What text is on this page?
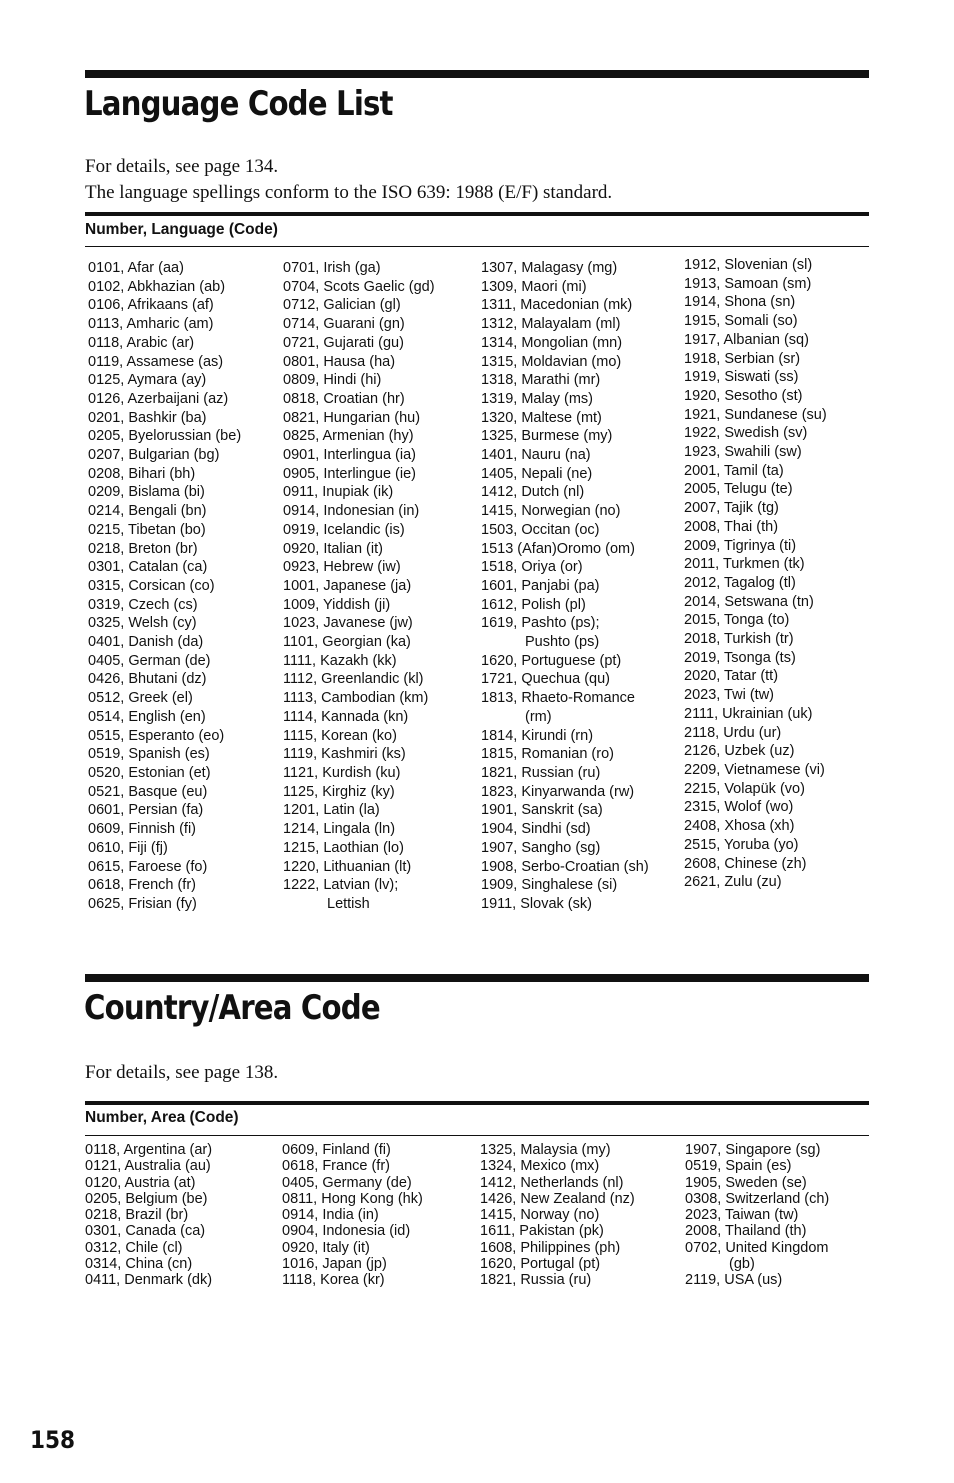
Language Code List
For details, see page 134.
The language spellings conform to the ISO 639: 1988 (E/F) standard.
Number, Language (Code)
0101, Afar (aa)
0102, Abkhazian (ab)
0106, Afrikaans (af)
0113, Amharic (am)
0118, Arabic (ar)
0119, Assamese (as)
0125, Aymara (ay)
0126, Azerbaijani (az)
0201, Bashkir (ba)
0205, Byelorussian (be)
0207, Bulgarian (bg)
0208, Bihari (bh)
0209, Bislama (bi)
0214, Bengali (bn)
0215, Tibetan (bo)
0218, Breton (br)
0301, Catalan (ca)
0315, Corsican (co)
0319, Czech (cs)
0325, Welsh (cy)
0401, Danish (da)
0405, German (de)
0426, Bhutani (dz)
0512, Greek (el)
0514, English (en)
0515, Esperanto (eo)
0519, Spanish (es)
0520, Estonian (et)
0521, Basque (eu)
0601, Persian (fa)
0609, Finnish (fi)
0610, Fiji (fj)
0615, Faroese (fo)
0618, French (fr)
0625, Frisian (fy)
0701, Irish (ga)
0704, Scots Gaelic (gd)
0712, Galician (gl)
0714, Guarani (gn)
0721, Gujarati (gu)
0801, Hausa (ha)
0809, Hindi (hi)
0818, Croatian (hr)
0821, Hungarian (hu)
0825, Armenian (hy)
0901, Interlingua (ia)
0905, Interlingue (ie)
0911, Inupiak (ik)
0914, Indonesian (in)
0919, Icelandic (is)
0920, Italian (it)
0923, Hebrew (iw)
1001, Japanese (ja)
1009, Yiddish (ji)
1023, Javanese (jw)
1101, Georgian (ka)
1111, Kazakh (kk)
1112, Greenlandic (kl)
1113, Cambodian (km)
1114, Kannada (kn)
1115, Korean (ko)
1119, Kashmiri (ks)
1121, Kurdish (ku)
1125, Kirghiz (ky)
1201, Latin (la)
1214, Lingala (ln)
1215, Laothian (lo)
1220, Lithuanian (lt)
1222, Latvian (lv);
Lettish
1307, Malagasy (mg)
1309, Maori (mi)
1311, Macedonian (mk)
1312, Malayalam (ml)
1314, Mongolian (mn)
1315, Moldavian (mo)
1318, Marathi (mr)
1319, Malay (ms)
1320, Maltese (mt)
1325, Burmese (my)
1401, Nauru (na)
1405, Nepali (ne)
1412, Dutch (nl)
1415, Norwegian (no)
1503, Occitan (oc)
1513 (Afan)Oromo (om)
1518, Oriya (or)
1601, Panjabi (pa)
1612, Polish (pl)
1619, Pashto (ps);
Pushto (ps)
1620, Portuguese (pt)
1721, Quechua (qu)
1813, Rhaeto-Romance
(rm)
1814, Kirundi (rn)
1815, Romanian (ro)
1821, Russian (ru)
1823, Kinyarwanda (rw)
1901, Sanskrit (sa)
1904, Sindhi (sd)
1907, Sangho (sg)
1908, Serbo-Croatian (sh)
1909, Singhalese (si)
1911, Slovak (sk)
1912, Slovenian (sl)
1913, Samoan (sm)
1914, Shona (sn)
1915, Somali (so)
1917, Albanian (sq)
1918, Serbian (sr)
1919, Siswati (ss)
1920, Sesotho (st)
1921, Sundanese (su)
1922, Swedish (sv)
1923, Swahili (sw)
2001, Tamil (ta)
2005, Telugu (te)
2007, Tajik (tg)
2008, Thai (th)
2009, Tigrinya (ti)
2011, Turkmen (tk)
2012, Tagalog (tl)
2014, Setswana (tn)
2015, Tonga (to)
2018, Turkish (tr)
2019, Tsonga (ts)
2020, Tatar (tt)
2023, Twi (tw)
2111, Ukrainian (uk)
2118, Urdu (ur)
2126, Uzbek (uz)
2209, Vietnamese (vi)
2215, Volapük (vo)
2315, Wolof (wo)
2408, Xhosa (xh)
2515, Yoruba (yo)
2608, Chinese (zh)
2621, Zulu (zu)
Country/Area Code
For details, see page 138.
Number, Area (Code)
0118, Argentina (ar)
0121, Australia (au)
0120, Austria (at)
0205, Belgium (be)
0218, Brazil (br)
0301, Canada (ca)
0312, Chile (cl)
0314, China (cn)
0411, Denmark (dk)
0609, Finland (fi)
0618, France (fr)
0405, Germany (de)
0811, Hong Kong (hk)
0914, India (in)
0904, Indonesia (id)
0920, Italy (it)
1016, Japan (jp)
1118, Korea (kr)
1325, Malaysia (my)
1324, Mexico (mx)
1412, Netherlands (nl)
1426, New Zealand (nz)
1415, Norway (no)
1611, Pakistan (pk)
1608, Philippines (ph)
1620, Portugal (pt)
1821, Russia (ru)
1907, Singapore (sg)
0519, Spain (es)
1905, Sweden (se)
0308, Switzerland (ch)
2023, Taiwan (tw)
2008, Thailand (th)
0702, United Kingdom
(gb)
2119, USA (us)
158
